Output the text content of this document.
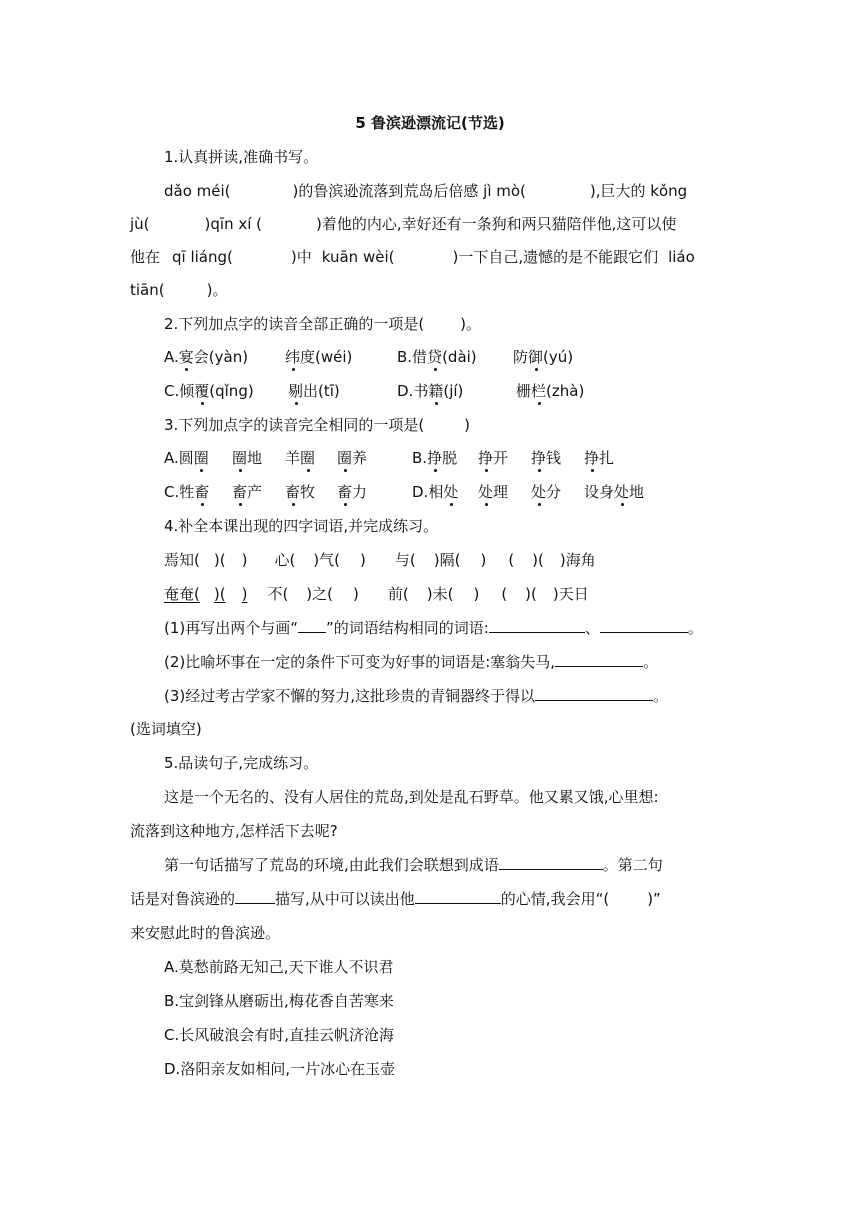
5 鲁滨逊漂流记(节选)
1.认真拼读,准确书写。
dǎo méi(	)的鲁滨逊流落到荒岛后倍感 jì mò(	),巨大的 kǒng
jù(	)qīn xí (	)着他的内心,幸好还有一条狗和两只猫陪伴他,这可以使
他在 qī liáng(	)中 kuān wèi(	)一下自己,遗憾的是不能跟它们 liáo
tiān(	)。
2.下列加点字的读音全部正确的一项是( )。
A.宴会(yàn) 纬度(wéi)	B.借贷(dài) 防御(yú)
C.倾覆(qǐng) 剔出(tī)	D.书籍(jí)	栅栏(zhà)
3.下列加点字的读音完全相同的一项是(	)
A.圆圈 圈地 羊圈 圈养	B.挣脱 挣开 挣钱 挣扎
C.牲畜 畜产 畜牧 畜力	D.相处 处理 处分 设身处地
4.补全本课出现的四字词语,并完成练习。
焉知( )( ) 心( )气( ) 与( )隔( ) ( )( )海角
奄奄( )( ) 不( )之( ) 前( )未( ) ( )( )天日
(1)再写出两个与画“ ”的词语结构相同的词语:	、	。
(2)比喻坏事在一定的条件下可变为好事的词语是:塞翁失马,	。
(3)经过考古学家不懈的努力,这批珍贵的青铜器终于得以	。
(选词填空)
5.品读句子,完成练习。
这是一个无名的、没有人居住的荒岛,到处是乱石野草。他又累又饿,心里想:
流落到这种地方,怎样活下去呢?
第一句话描写了荒岛的环境,由此我们会联想到成语	。第二句
话是对鲁滨逊的	描写,从中可以读出他	的心情,我会用“(	)”
来安慰此时的鲁滨逊。
A.莫愁前路无知己,天下谁人不识君
B.宝剑锋从磨砺出,梅花香自苦寒来
C.长风破浪会有时,直挂云帆济沧海
D.洛阳亲友如相问,一片冰心在玉壶
